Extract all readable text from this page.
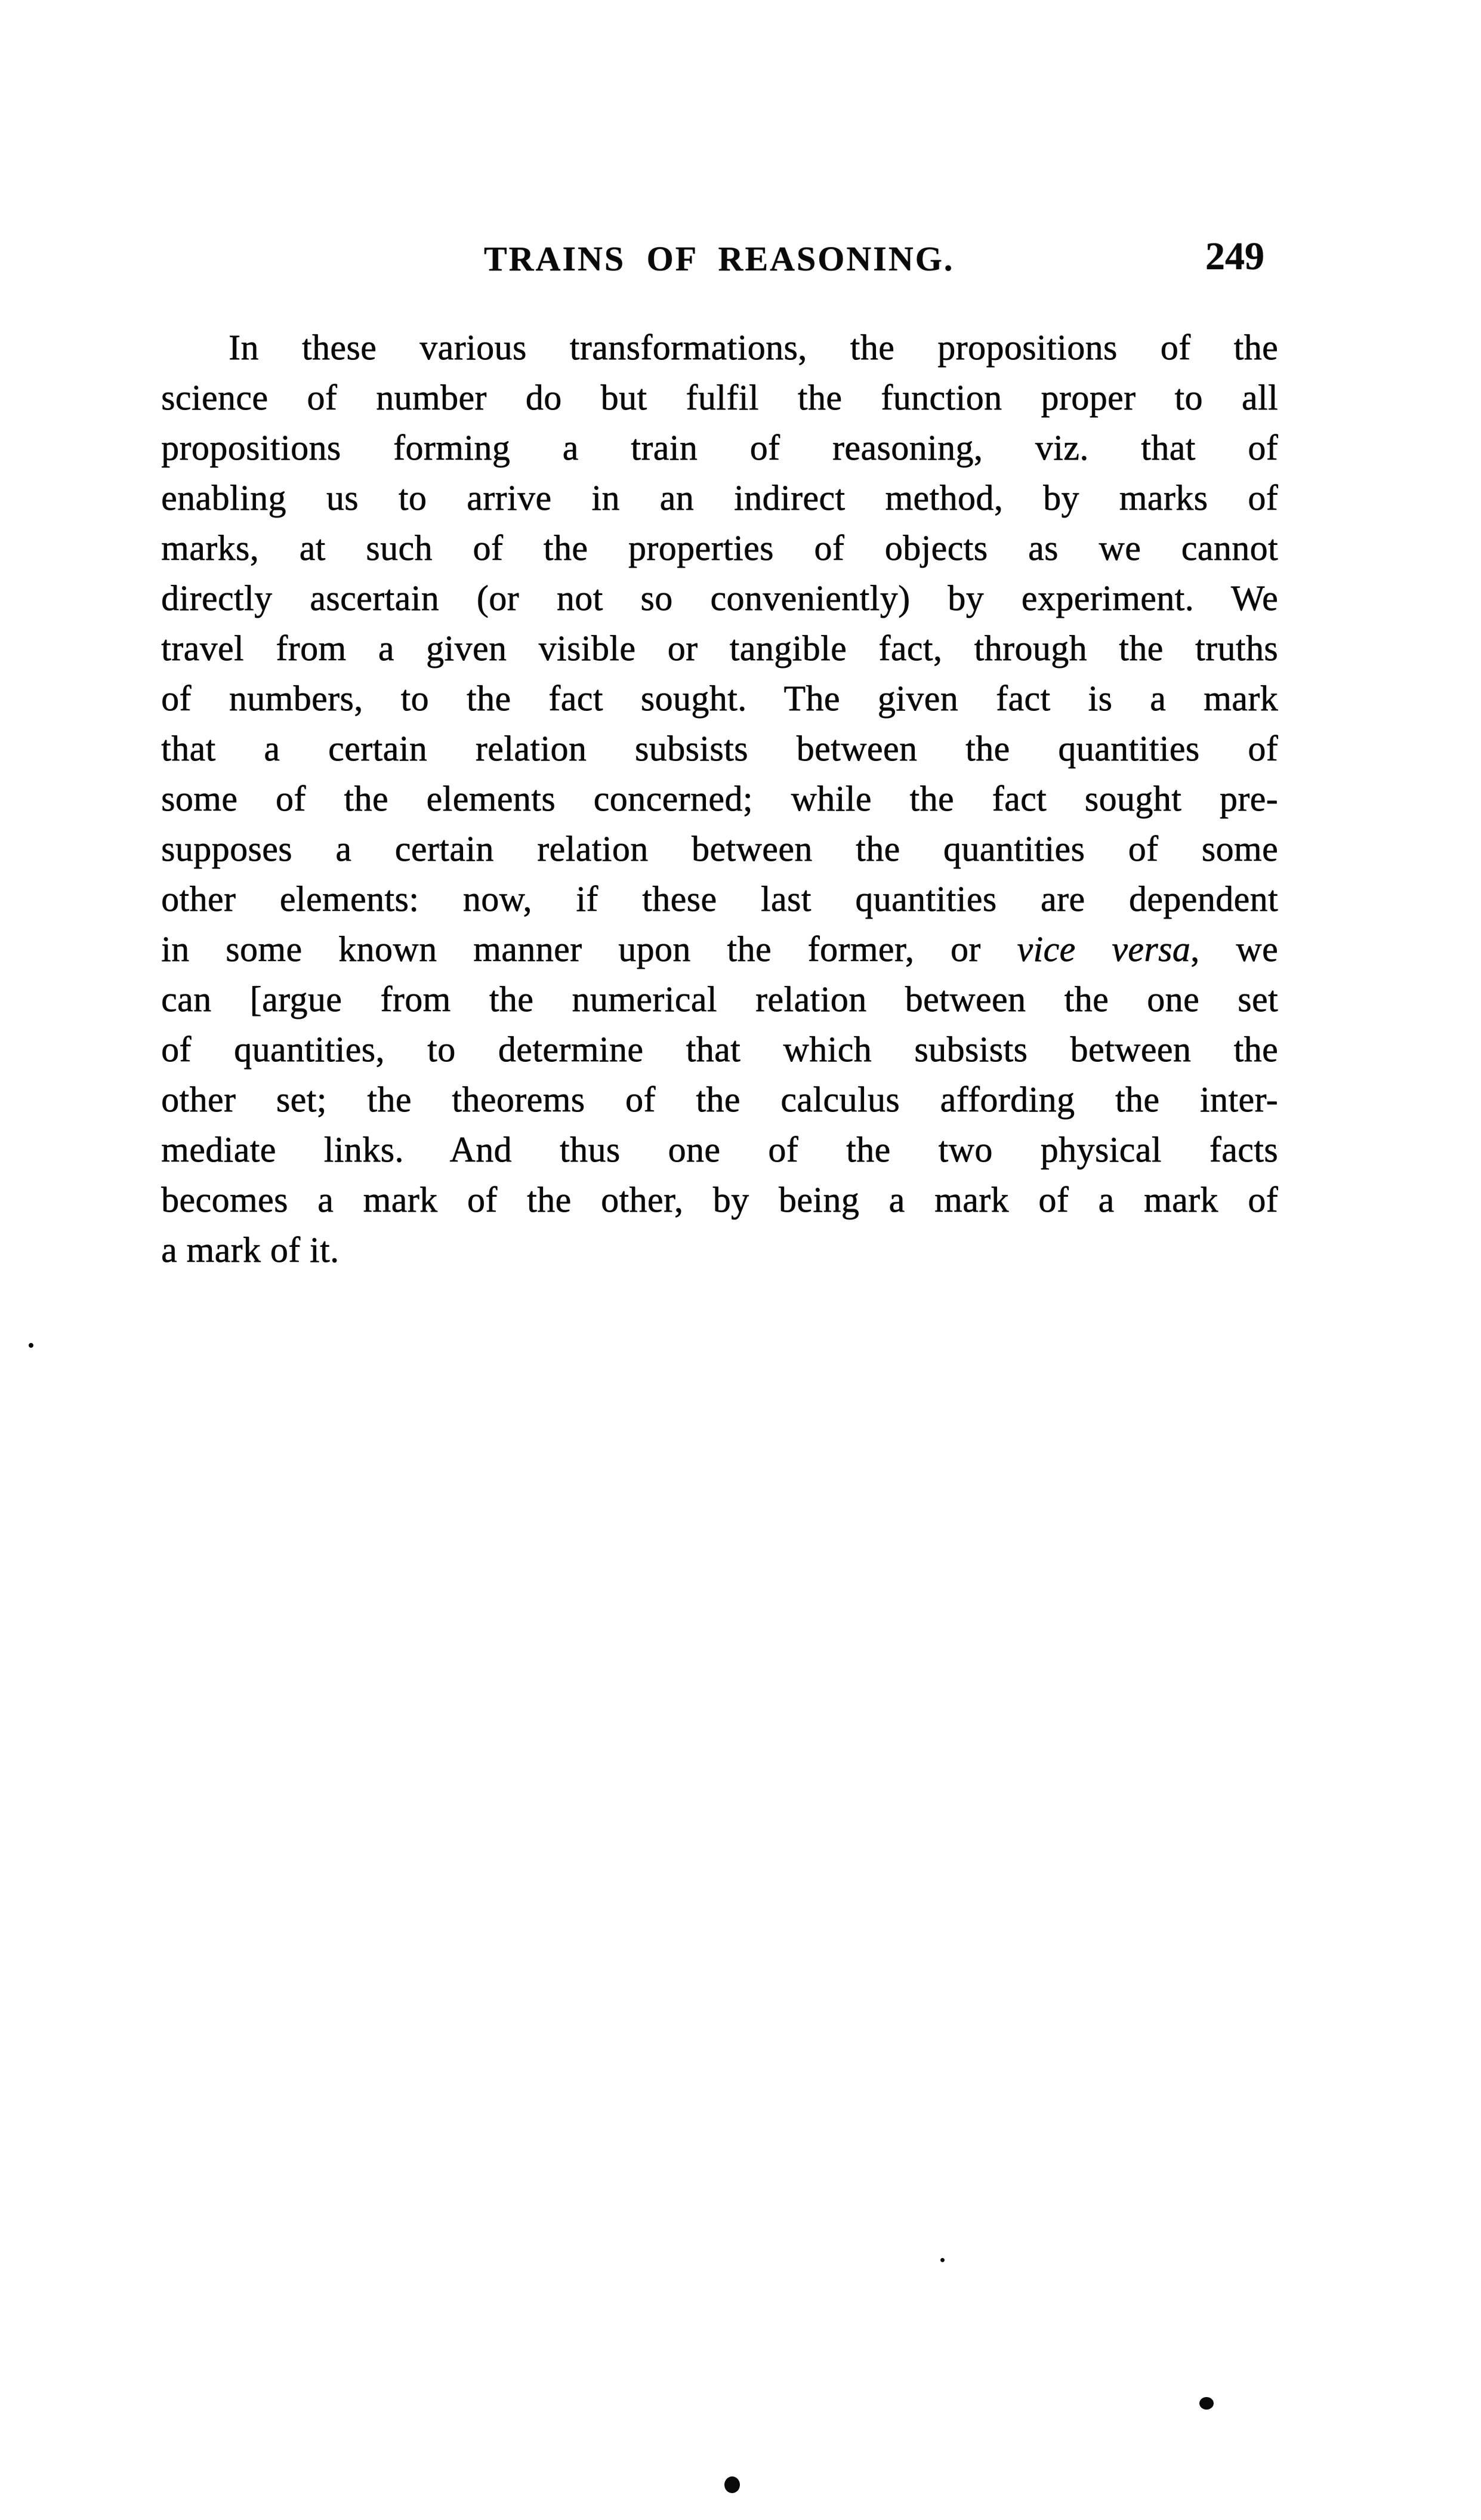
TRAINS OF REASONING.	249
In these various transformations, the propositions of the
science of number do but fulfil the function proper to all
propositions forming a train of reasoning, viz. that of
enabling us to arrive in an indirect method, by marks of
marks, at such of the properties of objects as we cannot
directly ascertain (or not so conveniently) by experiment. We
travel from a given visible or tangible fact, through the truths
of numbers, to the fact sought. The given fact is a mark
that a certain relation subsists between the quantities of
some of the elements concerned; while the fact sought pre-
supposes a certain relation between the quantities of some
other elements: now, if these last quantities are dependent
in some known manner upon the former, or vice versa, we
can [argue from the numerical relation between the one set
of quantities, to determine that which subsists between the
other set; the theorems of the calculus affording the inter-
mediate links. And thus one of the two physical facts
becomes a mark of the other, by being a mark of a mark of
a mark of it.
